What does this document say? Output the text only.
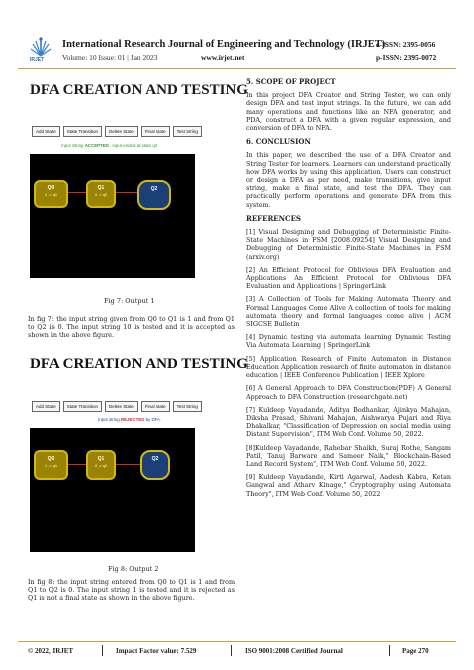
IRJET
International Research Journal of Engineering and Technology (IRJET)
e-ISSN: 2395-0056
Volume: 10 Issue: 01 | Jan 2023	www.irjet.net	p-ISSN: 2395-0072
DFA CREATION AND TESTING
Add State	State Transition	Delete State	Final state	Test String
Input String ACCEPTED , input ended at state q2
Q0
1 -> q1
Q1
0 -> q2
Q2
Fig 7: Output 1
In fig 7: the input string given from Q0 to Q1 is 1 and from Q1 to Q2 is 0. The input string 10 is tested and it is accepted as shown in the above figure.
DFA CREATION AND TESTING
Add State	State Transition	Delete State	Final state	Test String
Input string REJECTED by DFA.
Q0
1 -> q1
Q1
0 -> q2
Q2
Fig 8: Output 2
In fig 8: the input string entered from Q0 to Q1 is 1 and from Q1 to Q2 is 0. The input string 1 is tested and it is rejected as Q1 is not a final state as shown in the above figure.
5. SCOPE OF PROJECT
In this project DFA Creator and String Tester, we can only design DFA and test input strings. In the future, we can add many operations and functions like an NFA generator, and PDA, construct a DFA with a given regular expression, and conversion of DFA to NFA.
6. CONCLUSION
In this paper, we described the use of a DFA Creator and String Tester for learners. Learners can understand practically how DFA works by using this application. Users can construct or design a DFA as per need, make transitions, give input string, make a final state, and test the DFA. They can practically perform operations and generate DFA from this system.
REFERENCES
[1] Visual Designing and Debugging of Deterministic Finite-State Machines in FSM [2008.09254] Visual Designing and Debugging of Deterministic Finite-State Machines in FSM (arxiv.org)
[2] An Efficient Protocol for Oblivious DFA Evaluation and Applications An Efficient Protocol for Oblivious DFA Evaluation and Applications | SpringerLink
[3] A Collection of Tools for Making Automata Theory and Formal Languages Come Alive A collection of tools for making automata theory and formal languages come alive | ACM SIGCSE Bulletin
[4] Dynamic testing via automata learning Dynamic Testing Via Automata Learning | SpringerLink
[5] Application Research of Finite Automaton in Distance Education Application research of finite automaton in distance education | IEEE Conference Publication | IEEE Xplore
[6] A General Approach to DFA Construction(PDF) A General Approach to DFA Construction (researchgate.net)
[7] Kuldeep Vayadande, Aditya Bodhankar, Ajinkya Mahajan, Diksha Prasad, Shivani Mahajan, Aishwarya Pujari and Riya Dhakalkar, "Classification of Depression on social media using Distant Supervision", ITM Web Conf. Volume 50, 2022.
[8]Kuldeep Vayadande, Rahebar Shaikh, Suraj Rothe, Sangam Patil, Tanuj Barware and Sameer Naik," Blockchain-Based Land Record System", ITM Web Conf. Volume 50, 2022.
[9] Kuldeep Vayadande, Kirti Agarwal, Aadesh Kabra, Ketan Gangwal and Atharv Kinage," Cryptography using Automata Theory", ITM Web Conf. Volume 50, 2022
© 2022, IRJET	Impact Factor value: 7.529	ISO 9001:2008 Certified Journal	Page 270
